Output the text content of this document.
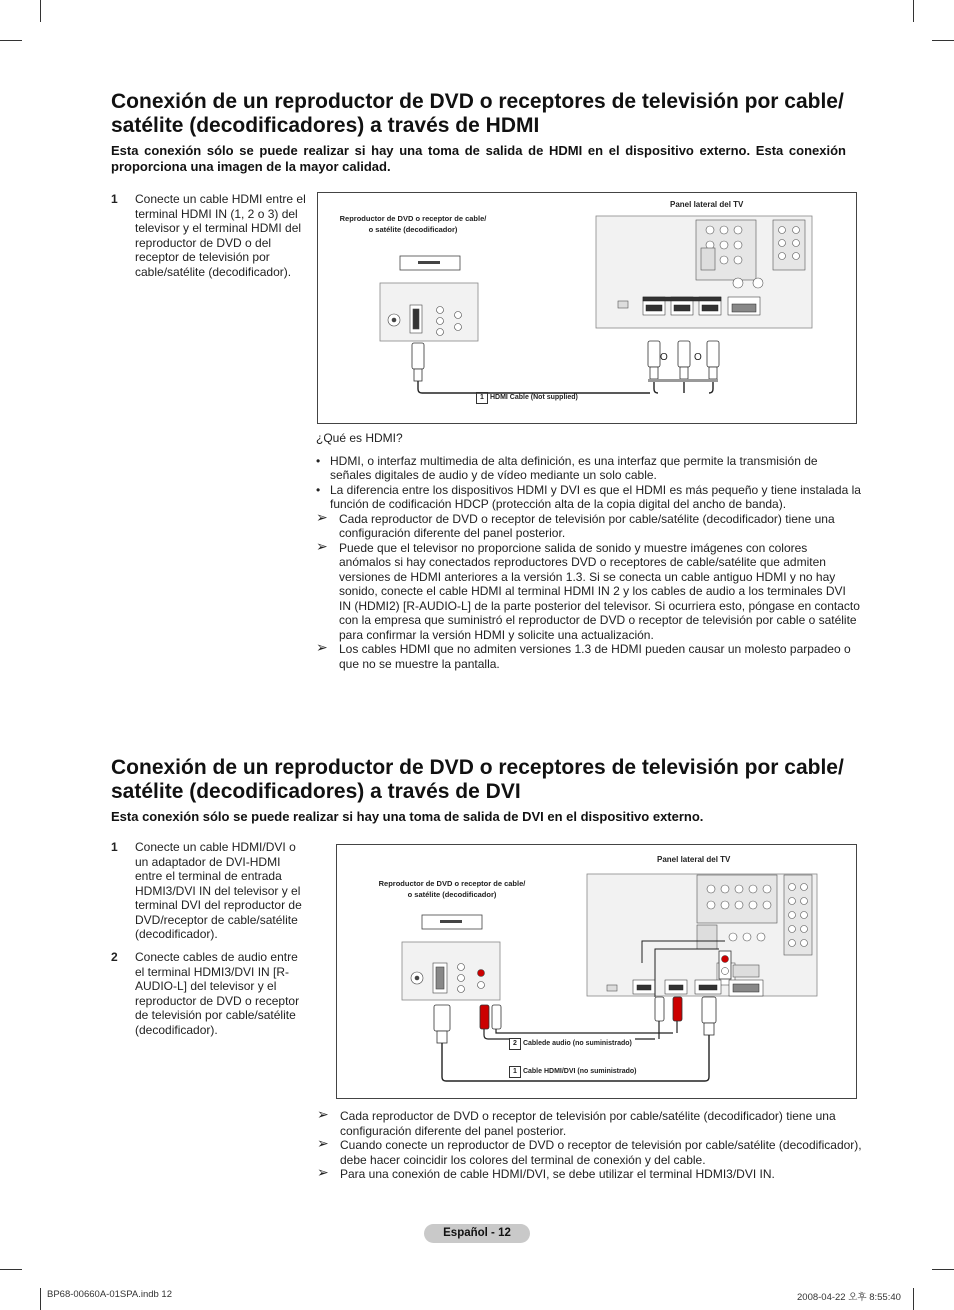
Conexión de un reproductor de DVD o receptores de televisión por cable/
satélite (decodificadores) a través de HDMI
Esta conexión sólo se puede realizar si hay una toma de salida de HDMI en el dispositivo externo. Esta conexión proporciona una imagen de la mayor calidad.
1 Conecte un cable HDMI entre el terminal HDMI IN (1, 2 o 3) del televisor y el terminal HDMI del reproductor de DVD o del receptor de televisión por cable/satélite (decodificador).
Panel lateral del TV
Reproductor de DVD o receptor de cable/
o satélite (decodificador)
O	O
1 HDMI Cable (Not supplied)
¿Qué es HDMI?
• HDMI, o interfaz multimedia de alta definición, es una interfaz que permite la transmisión de señales digitales de audio y de vídeo mediante un solo cable.
• La diferencia entre los dispositivos HDMI y DVI es que el HDMI es más pequeño y tiene instalada la función de codificación HDCP (protección alta de la copia digital del ancho de banda).
➢ Cada reproductor de DVD o receptor de televisión por cable/satélite (decodificador) tiene una configuración diferente del panel posterior.
➢ Puede que el televisor no proporcione salida de sonido y muestre imágenes con colores anómalos si hay conectados reproductores DVD o receptores de cable/satélite que admiten versiones de HDMI anteriores a la versión 1.3. Si se conecta un cable antiguo HDMI y no hay sonido, conecte el cable HDMI al terminal HDMI IN 2 y los cables de audio a los terminales DVI IN (HDMI2) [R-AUDIO-L] de la parte posterior del televisor. Si ocurriera esto, póngase en contacto con la empresa que suministró el reproductor de DVD o receptor de televisión por cable o satélite para confirmar la versión HDMI y solicite una actualización.
➢ Los cables HDMI que no admiten versiones 1.3 de HDMI pueden causar un molesto parpadeo o que no se muestre la pantalla.
Conexión de un reproductor de DVD o receptores de televisión por cable/
satélite (decodificadores) a través de DVI
Esta conexión sólo se puede realizar si hay una toma de salida de DVI en el dispositivo externo.
1 Conecte un cable HDMI/DVI o un adaptador de DVI-HDMI entre el terminal de entrada HDMI3/DVI IN del televisor y el terminal DVI del reproductor de DVD/receptor de cable/satélite (decodificador).
2 Conecte cables de audio entre el terminal HDMI3/DVI IN [R-AUDIO-L] del televisor y el reproductor de DVD o receptor de televisión por cable/satélite (decodificador).
Panel lateral del TV
Reproductor de DVD o receptor de cable/
o satélite (decodificador)
2 Cablede audio (no suministrado)
1 Cable HDMI/DVI (no suministrado)
➢ Cada reproductor de DVD o receptor de televisión por cable/satélite (decodificador) tiene una configuración diferente del panel posterior.
➢ Cuando conecte un reproductor de DVD o receptor de televisión por cable/satélite (decodificador), debe hacer coincidir los colores del terminal de conexión y del cable.
➢ Para una conexión de cable HDMI/DVI, se debe utilizar el terminal HDMI3/DVI IN.
Español - 12
BP68-00660A-01SPA.indb 12	2008-04-22 오후 8:55:40
